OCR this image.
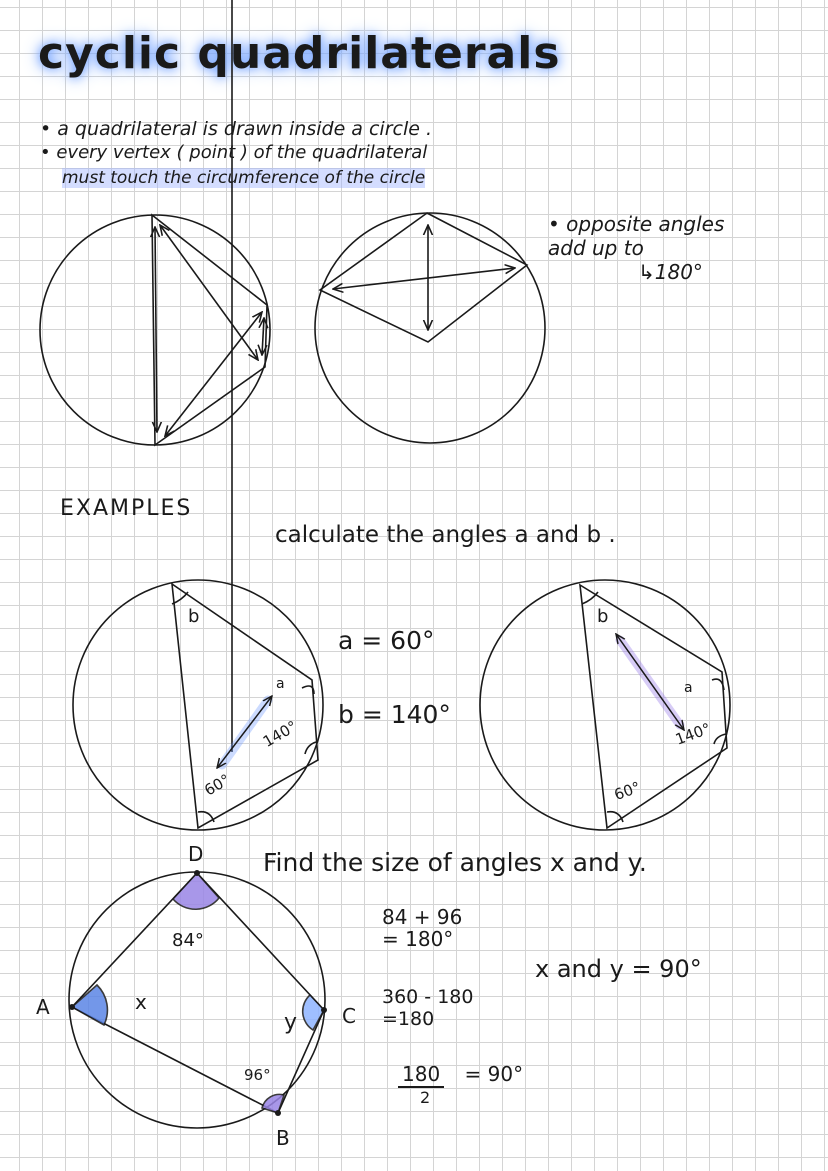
cyclic quadrilaterals
• a quadrilateral is drawn inside a circle .
• every vertex ( point ) of the quadrilateral
must touch the circumference of the circle
• opposite angles
add up to
↳180°
EXAMPLES
calculate the angles a and b .
a = 60°
b = 140°
Find the size of angles x and y.
84 + 96
= 180°
360 - 180
=180
180 = 90°
2
x and y = 90°
b
a
140°
60°
b
a
140°
60°
D
A	C
B
84°
96°
x
y
